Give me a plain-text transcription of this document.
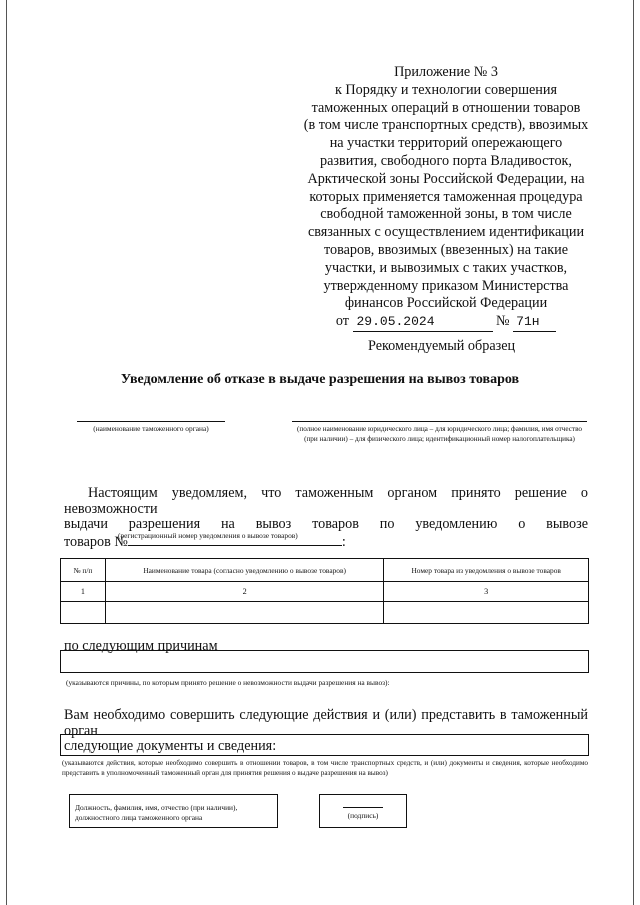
Приложение № 3
к Порядку и технологии совершения
таможенных операций в отношении товаров
(в том числе транспортных средств), ввозимых
на участки территорий опережающего
развития, свободного порта Владивосток,
Арктической зоны Российской Федерации, на
которых применяется таможенная процедура
свободной таможенной зоны, в том числе
связанных с осуществлением идентификации
товаров, ввозимых (ввезенных) на такие
участки, и вывозимых с таких участков,
утвержденному приказом Министерства
финансов Российской Федерации
от 29.05.2024	№ 71н
Рекомендуемый образец
Уведомление об отказе в выдаче разрешения на вывоз товаров
(наименование таможенного органа)	(полное наименование юридического лица – для юридического лица; фамилия, имя отчество (при наличии) – для физического лица; идентификационный номер налогоплательщика)
Настоящим уведомляем, что таможенным органом принято решение о невозможности
выдачи разрешения на вывоз товаров по уведомлению о вывозе
товаров №	:
(регистрационный номер уведомления о вывозе товаров)
№ п/п	Наименование товара (согласно уведомлению о вывозе товаров)	Номер товара из уведомления о вывозе товаров
1	2	3

по следующим причинам
(указываются причины, по которым принято решение о невозможности выдачи разрешения на вывоз):
Вам необходимо совершить следующие действия и (или) представить в таможенный орган
следующие документы и сведения:
(указываются действия, которые необходимо совершить в отношении товаров, в том числе транспортных средств, и (или) документы и сведения, которые необходимо представить в уполномоченный таможенный орган для принятия решения о выдаче разрешения на вывоз)
Должность, фамилия, имя, отчество (при наличии),
должностного лица таможенного органа	(подпись)
